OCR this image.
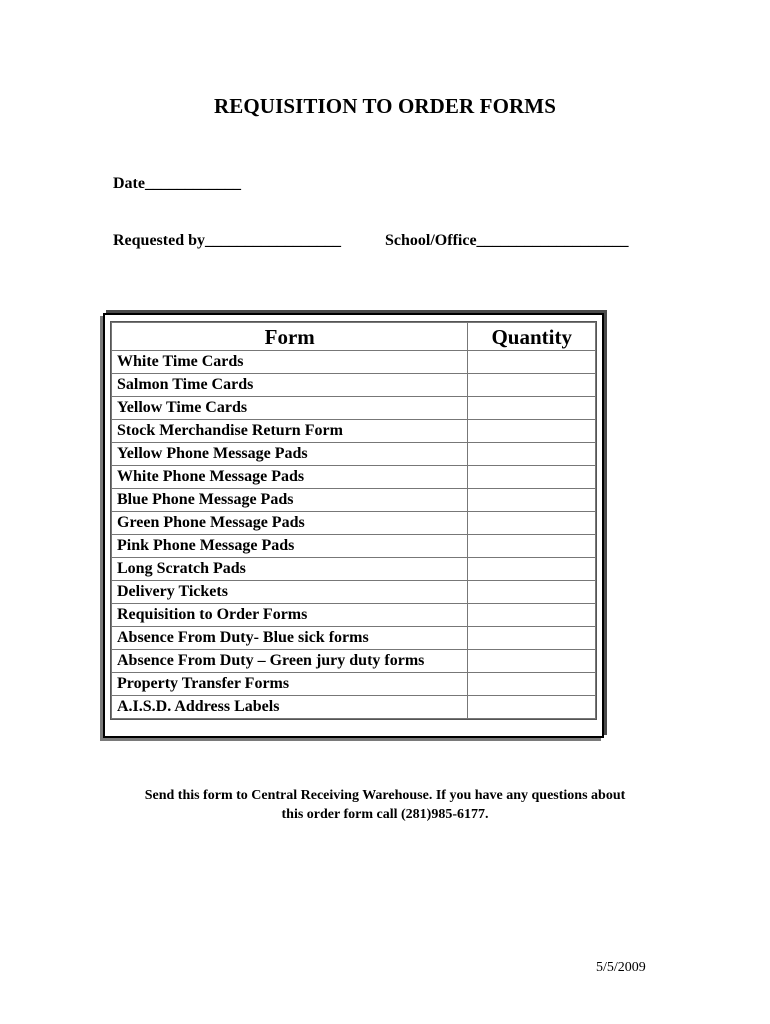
REQUISITION TO ORDER FORMS
Date____________
Requested by_________________	School/Office___________________
Form	Quantity
White Time Cards	
Salmon Time Cards	
Yellow Time Cards	
Stock Merchandise Return Form	
Yellow Phone Message Pads	
White Phone Message Pads	
Blue Phone Message Pads	
Green Phone Message Pads	
Pink Phone Message Pads	
Long Scratch Pads	
Delivery Tickets	
Requisition to Order Forms	
Absence From Duty- Blue sick forms	
Absence From Duty – Green jury duty forms	
Property Transfer Forms	
A.I.S.D. Address Labels	
Send this form to Central Receiving Warehouse. If you have any questions about
this order form call (281)985-6177.
5/5/2009
